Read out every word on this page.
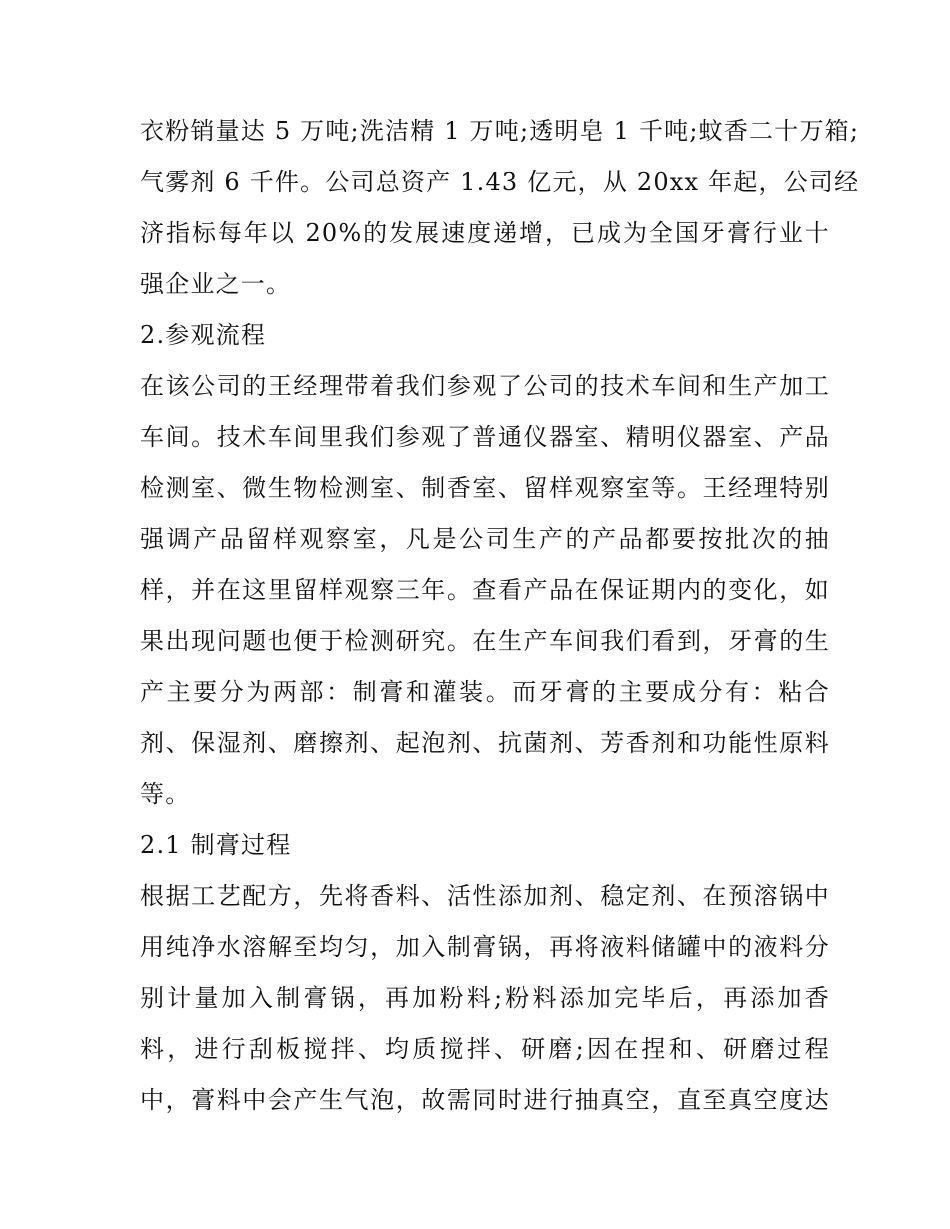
衣粉销量达 5 万吨;洗洁精 1 万吨;透明皂 1 千吨;蚊香二十万箱;
气雾剂 6 千件。公司总资产 1.43 亿元，从 20xx 年起，公司经
济指标每年以 20%的发展速度递增，已成为全国牙膏行业十
强企业之一。
2.参观流程
在该公司的王经理带着我们参观了公司的技术车间和生产加工
车间。技术车间里我们参观了普通仪器室、精明仪器室、产品
检测室、微生物检测室、制香室、留样观察室等。王经理特别
强调产品留样观察室，凡是公司生产的产品都要按批次的抽
样，并在这里留样观察三年。查看产品在保证期内的变化，如
果出现问题也便于检测研究。在生产车间我们看到，牙膏的生
产主要分为两部：制膏和灌装。而牙膏的主要成分有：粘合
剂、保湿剂、磨擦剂、起泡剂、抗菌剂、芳香剂和功能性原料
等。
2.1 制膏过程
根据工艺配方，先将香料、活性添加剂、稳定剂、在预溶锅中
用纯净水溶解至均匀，加入制膏锅，再将液料储罐中的液料分
别计量加入制膏锅，再加粉料;粉料添加完毕后，再添加香
料，进行刮板搅拌、均质搅拌、研磨;因在捏和、研磨过程
中，膏料中会产生气泡，故需同时进行抽真空，直至真空度达
